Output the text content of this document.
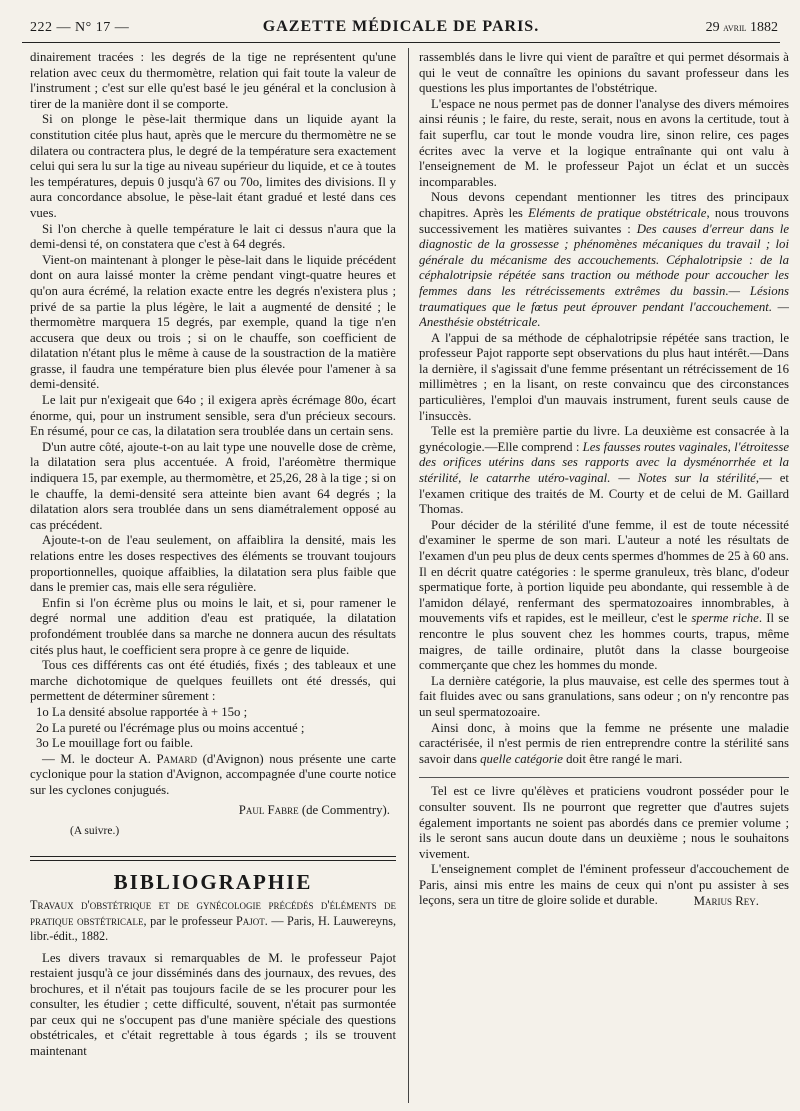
222 — N° 17 —	GAZETTE MÉDICALE DE PARIS.	29 avril 1882

dinairement tracées : les degrés de la tige ne représentent qu'une relation avec ceux du thermomètre, relation qui fait toute la valeur de l'instrument ; c'est sur elle qu'est basé le jeu général et la conclusion à tirer de la manière dont il se comporte.

Si on plonge le pèse-lait thermique dans un liquide ayant la constitution citée plus haut, après que le mercure du thermomètre ne se dilatera ou contractera plus, le degré de la température sera exactement celui qui sera lu sur la tige au niveau supérieur du liquide, et ce à toutes les températures, depuis 0 jusqu'à 67 ou 70o, limites des divisions. Il y aura concordance absolue, le pèse-lait étant gradué et lesté dans ces vues.

Si l'on cherche à quelle température le lait ci dessus n'aura que la demi-densi té, on constatera que c'est à 64 degrés.

Vient-on maintenant à plonger le pèse-lait dans le liquide précédent dont on aura laissé monter la crème pendant vingt-quatre heures et qu'on aura écrémé, la relation exacte entre les degrés n'existera plus ; privé de sa partie la plus légère, le lait a augmenté de densité ; le thermomètre marquera 15 degrés, par exemple, quand la tige n'en accusera que deux ou trois ; si on le chauffe, son coefficient de dilatation n'étant plus le même à cause de la soustraction de la matière grasse, il faudra une température bien plus élevée pour l'amener à sa demi-densité.

Le lait pur n'exigeait que 64o ; il exigera après écrémage 80o, écart énorme, qui, pour un instrument sensible, sera d'un précieux secours. En résumé, pour ce cas, la dilatation sera troublée dans un certain sens.

D'un autre côté, ajoute-t-on au lait type une nouvelle dose de crème, la dilatation sera plus accentuée. A froid, l'aréomètre thermique indiquera 15, par exemple, au thermomètre, et 25,26, 28 à la tige ; si on le chauffe, la demi-densité sera atteinte bien avant 64 degrés ; la dilatation alors sera troublée dans un sens diamétralement opposé au cas précédent.

Ajoute-t-on de l'eau seulement, on affaiblira la densité, mais les relations entre les doses respectives des éléments se trouvant toujours proportionnelles, quoique affaiblies, la dilatation sera plus faible que dans le premier cas, mais elle sera régulière.

Enfin si l'on écrème plus ou moins le lait, et si, pour ramener le degré normal une addition d'eau est pratiquée, la dilatation profondément troublée dans sa marche ne donnera aucun des résultats cités plus haut, le coefficient sera propre à ce genre de liquide.

Tous ces différents cas ont été étudiés, fixés ; des tableaux et une marche dichotomique de quelques feuillets ont été dressés, qui permettent de déterminer sûrement :

1o La densité absolue rapportée à + 15o ;

2o La pureté ou l'écrémage plus ou moins accentué ;

3o Le mouillage fort ou faible.

— M. le docteur A. Pamard (d'Avignon) nous présente une carte cyclonique pour la station d'Avignon, accompagnée d'une courte notice sur les cyclones conjugués.

Paul Fabre (de Commentry).
(A suivre.)
BIBLIOGRAPHIE
Travaux d'obstétrique et de gynécologie précédés d'éléments de pratique obstétricale, par le professeur Pajot. — Paris, H. Lauwereyns, libr.-édit., 1882.

Les divers travaux si remarquables de M. le professeur Pajot restaient jusqu'à ce jour disséminés dans des journaux, des revues, des brochures, et il n'était pas toujours facile de se les procurer pour les consulter, les étudier ; cette difficulté, souvent, n'était pas surmontée par ceux qui ne s'occupent pas d'une manière spéciale des questions obstétricales, et c'était regrettable à tous égards ; ils se trouvent maintenant

rassemblés dans le livre qui vient de paraître et qui permet désormais à qui le veut de connaître les opinions du savant professeur dans les questions les plus importantes de l'obstétrique.

L'espace ne nous permet pas de donner l'analyse des divers mémoires ainsi réunis ; le faire, du reste, serait, nous en avons la certitude, tout à fait superflu, car tout le monde voudra lire, sinon relire, ces pages écrites avec la verve et la logique entraînante qui ont valu à l'enseignement de M. le professeur Pajot un éclat et un succès incomparables.

Nous devons cependant mentionner les titres des principaux chapitres. Après les Eléments de pratique obstétricale, nous trouvons successivement les matières suivantes : Des causes d'erreur dans le diagnostic de la grossesse ; phénomènes mécaniques du travail ; loi générale du mécanisme des accouchements. Céphalotripsie : de la céphalotripsie répétée sans traction ou méthode pour accoucher les femmes dans les rétrécissements extrêmes du bassin.— Lésions traumatiques que le fœtus peut éprouver pendant l'accouchement. — Anesthésie obstétricale.

A l'appui de sa méthode de céphalotripsie répétée sans traction, le professeur Pajot rapporte sept observations du plus haut intérêt.—Dans la dernière, il s'agissait d'une femme présentant un rétrécissement de 16 millimètres ; en la lisant, on reste convaincu que des circonstances particulières, l'emploi d'un mauvais instrument, furent seuls cause de l'insuccès.

Telle est la première partie du livre. La deuxième est consacrée à la gynécologie.—Elle comprend : Les fausses routes vaginales, l'étroitesse des orifices utérins dans ses rapports avec la dysménorrhée et la stérilité, le catarrhe utéro-vaginal. — Notes sur la stérilité,— et l'examen critique des traités de M. Courty et de celui de M. Gaillard Thomas.

Pour décider de la stérilité d'une femme, il est de toute nécessité d'examiner le sperme de son mari. L'auteur a noté les résultats de l'examen d'un peu plus de deux cents spermes d'hommes de 25 à 60 ans. Il en décrit quatre catégories : le sperme granuleux, très blanc, d'odeur spermatique forte, à portion liquide peu abondante, qui ressemble à de l'amidon délayé, renfermant des spermatozoaires innombrables, à mouvements vifs et rapides, est le meilleur, c'est le sperme riche. Il se rencontre le plus souvent chez les hommes courts, trapus, même maigres, de taille ordinaire, plutôt dans la classe bourgeoise commerçante que chez les hommes du monde.

La dernière catégorie, la plus mauvaise, est celle des spermes tout à fait fluides avec ou sans granulations, sans odeur ; on n'y rencontre pas un seul spermatozoaire.

Ainsi donc, à moins que la femme ne présente une maladie caractérisée, il n'est permis de rien entreprendre contre la stérilité sans savoir dans quelle catégorie doit être rangé le mari.

Tel est ce livre qu'élèves et praticiens voudront posséder pour le consulter souvent. Ils ne pourront que regretter que d'autres sujets également importants ne soient pas abordés dans ce premier volume ; ils le seront sans aucun doute dans un deuxième ; nous le souhaitons vivement.

L'enseignement complet de l'éminent professeur d'accouchement de Paris, ainsi mis entre les mains de ceux qui n'ont pu assister à ses leçons, sera un titre de gloire solide et durable.	Marius Rey.
